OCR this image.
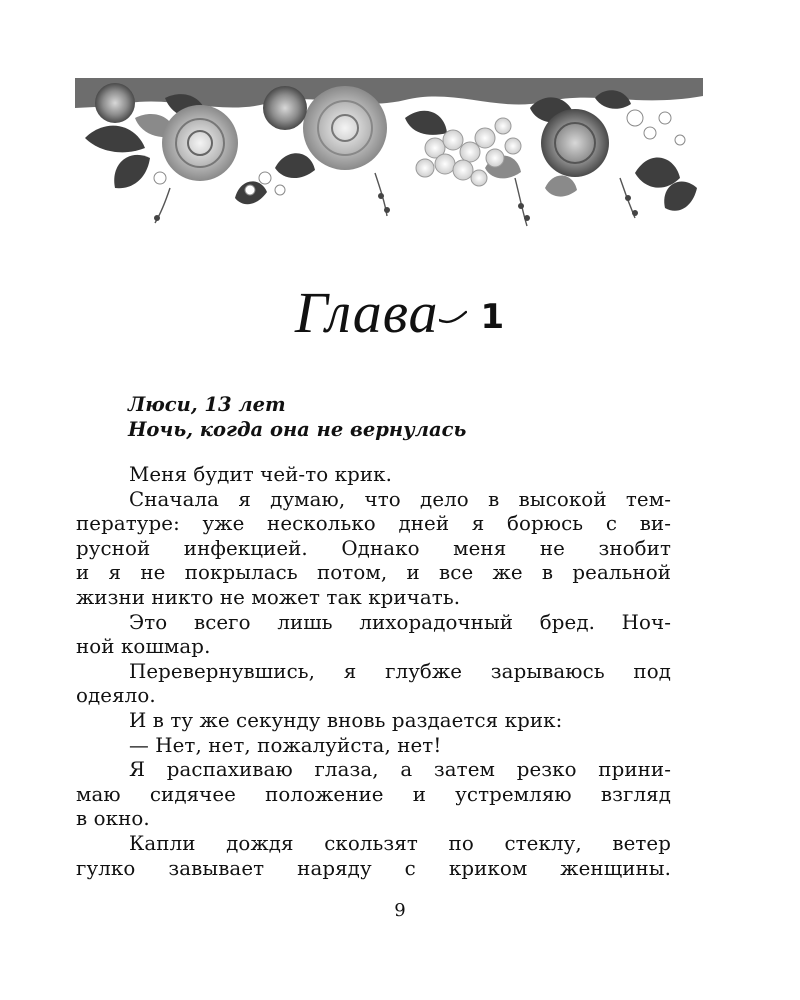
Глава 1
Люси, 13 лет
Ночь, когда она не вернулась
Меня будит чей-то крик.
Сначала я думаю, что дело в высокой тем-
пературе: уже несколько дней я борюсь с ви-
русной инфекцией. Однако меня не знобит
и я не покрылась потом, и все же в реальной
жизни никто не может так кричать.
Это всего лишь лихорадочный бред. Ноч-
ной кошмар.
Перевернувшись, я глубже зарываюсь под
одеяло.
И в ту же секунду вновь раздается крик:
— Нет, нет, пожалуйста, нет!
Я распахиваю глаза, а затем резко прини-
маю сидячее положение и устремляю взгляд
в окно.
Капли дождя скользят по стеклу, ветер
гулко завывает наряду с криком женщины.
9
